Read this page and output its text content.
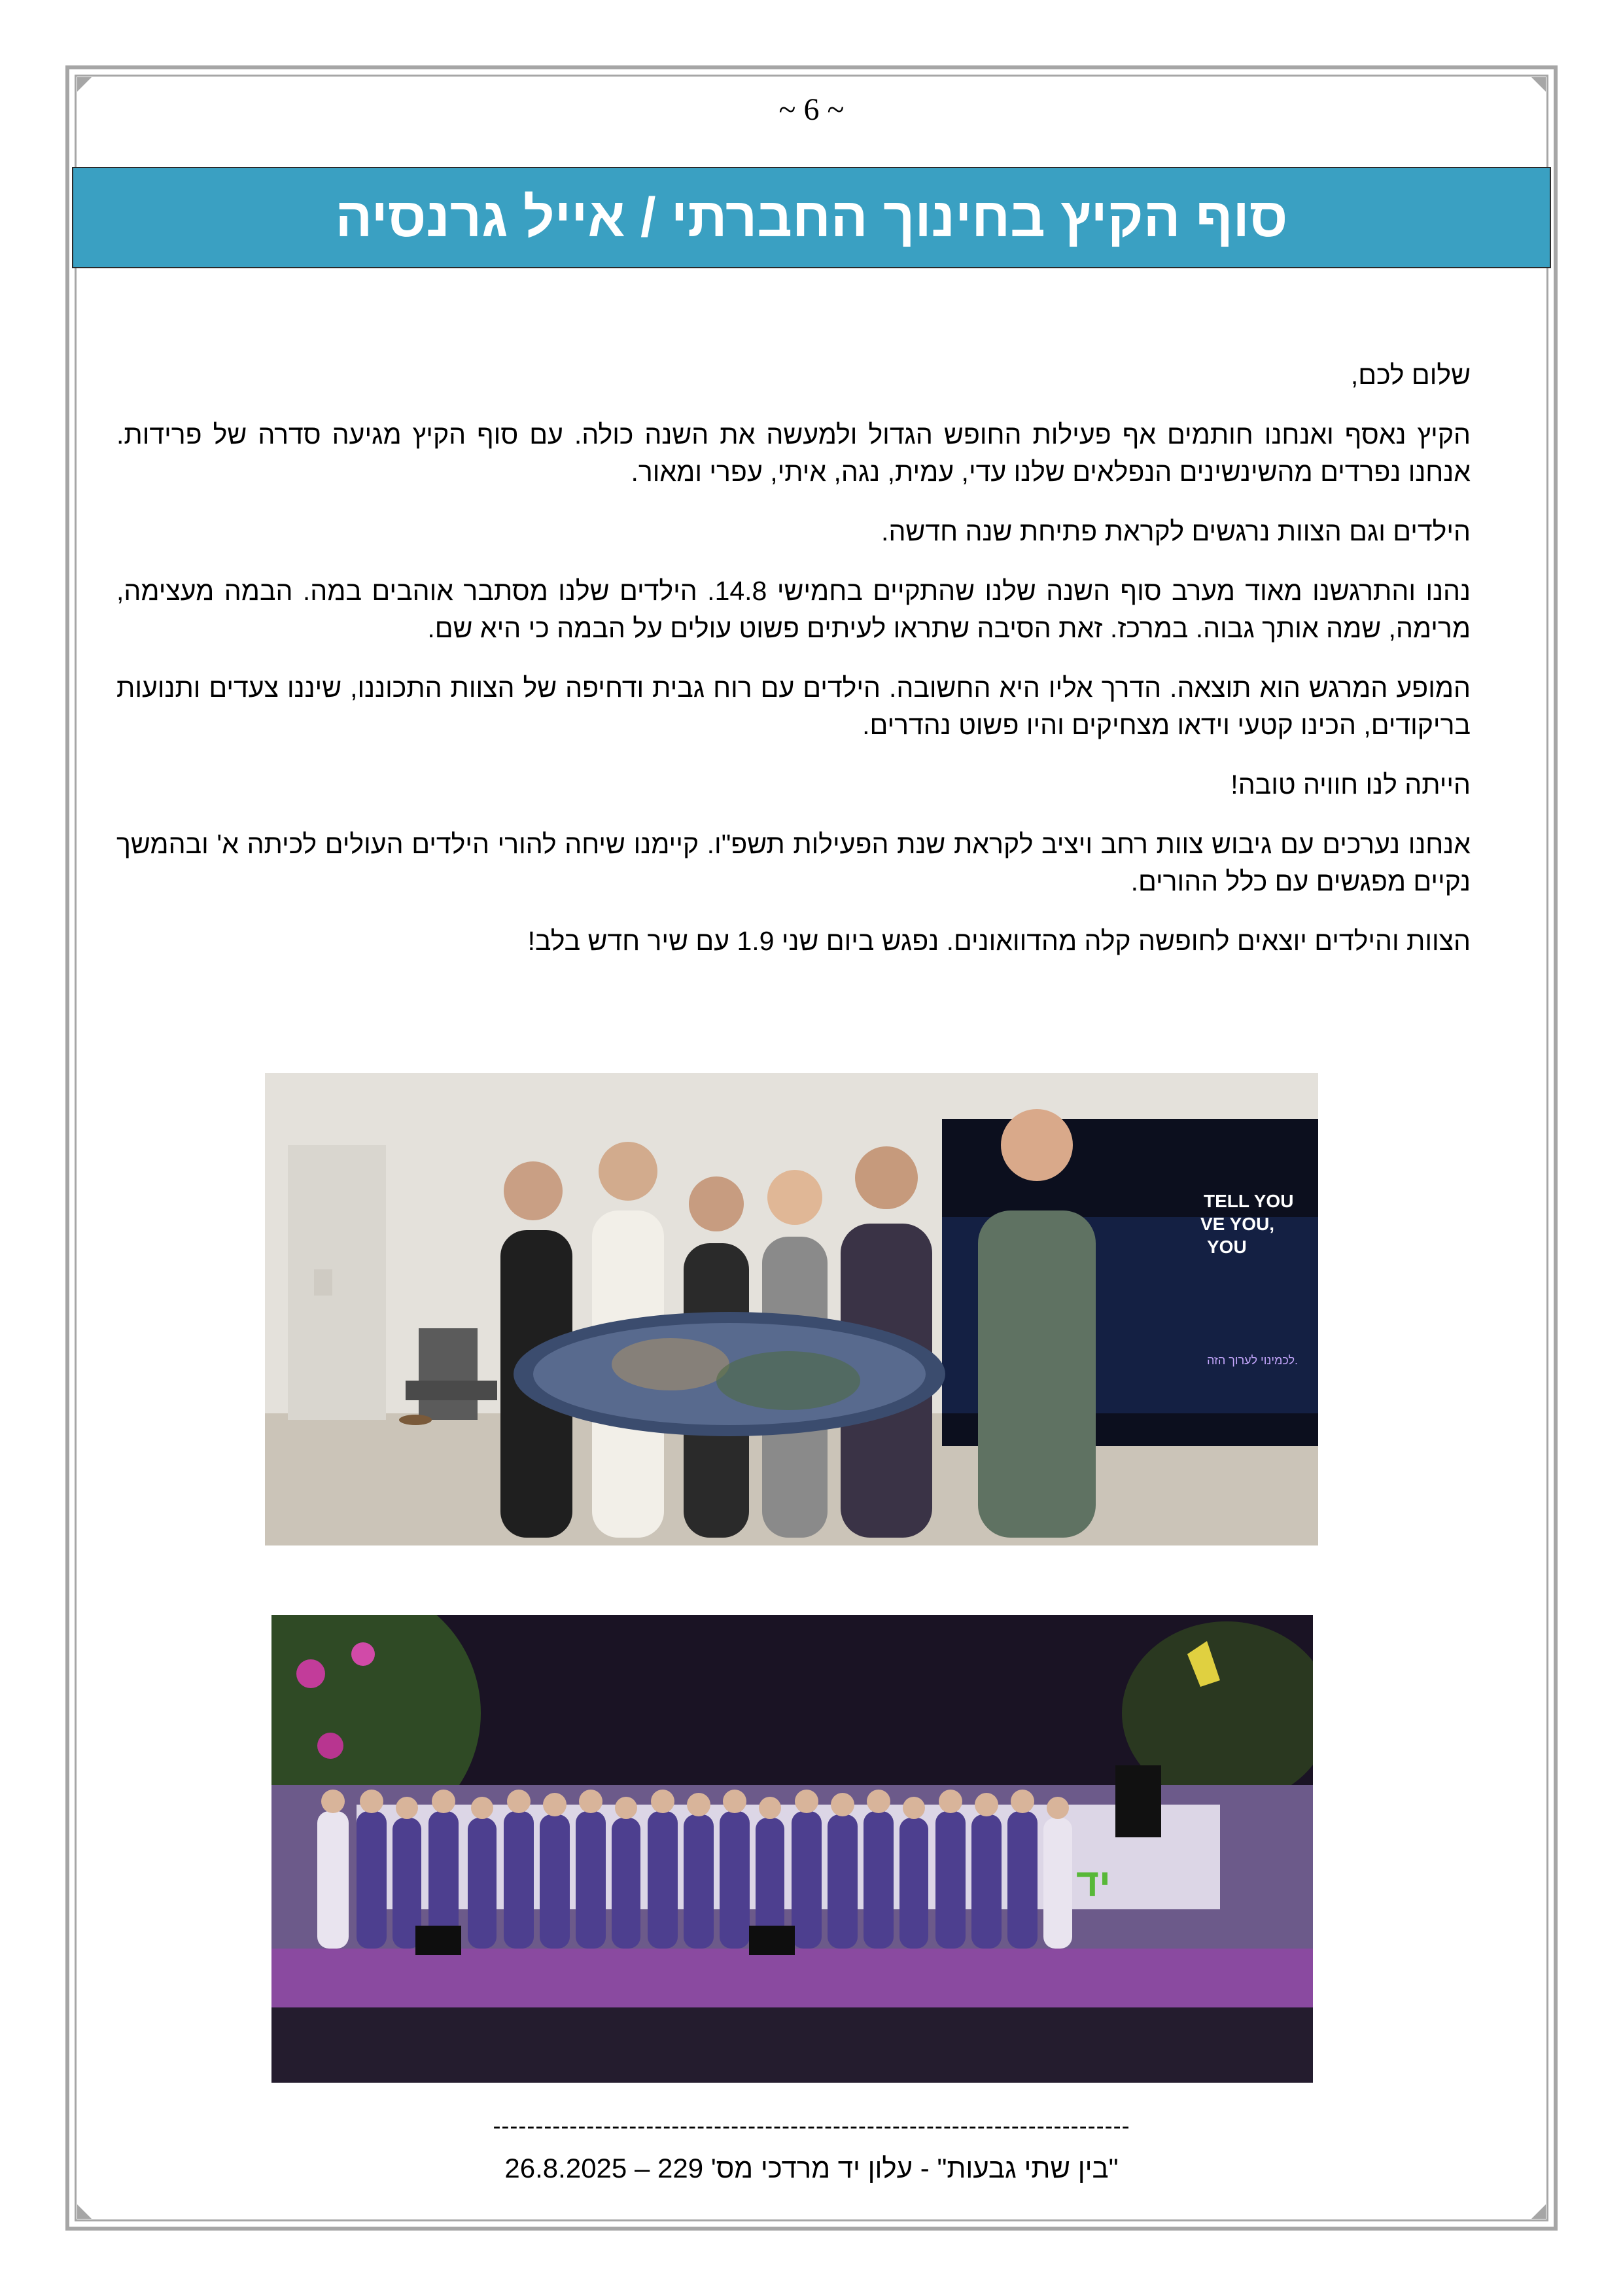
~ 6 ~
סוף הקיץ בחינוך החברתי / אייל גרנסיה

שלום לכם,

הקיץ נאסף ואנחנו חותמים אף פעילות החופש הגדול ולמעשה את השנה כולה. עם סוף הקיץ מגיעה סדרה של פרידות. אנחנו נפרדים מהשינשינים הנפלאים שלנו עדי, עמית, נגה, איתי, עפרי ומאור.

הילדים וגם הצוות נרגשים לקראת פתיחת שנה חדשה.

נהנו והתרגשנו מאוד מערב סוף השנה שלנו שהתקיים בחמישי 14.8. הילדים שלנו מסתבר אוהבים במה. הבמה מעצימה, מרימה, שמה אותך גבוה. במרכז. זאת הסיבה שתראו לעיתים פשוט עולים על הבמה כי היא שם.

המופע המרגש הוא תוצאה. הדרך אליו היא החשובה. הילדים עם רוח גבית ודחיפה של הצוות התכוננו, שיננו צעדים ותנועות בריקודים, הכינו קטעי וידאו מצחיקים והיו פשוט נהדרים.

הייתה לנו חוויה טובה!

אנחנו נערכים עם גיבוש צוות רחב ויציב לקראת שנת הפעילות תשפ"ו. קיימנו שיחה להורי הילדים העולים לכיתה א' ובהמשך נקיים מפגשים עם כלל ההורים.

הצוות והילדים יוצאים לחופשה קלה מהדוואונים. נפגש ביום שני 1.9 עם שיר חדש בלב!

TELL YOU
VE YOU,
YOU
לכמינוי לערוך הזה.
יד
---------------------------------------------------------------------------
"בין שתי גבעות" - עלון יד מרדכי מס' 229 – 26.8.2025
